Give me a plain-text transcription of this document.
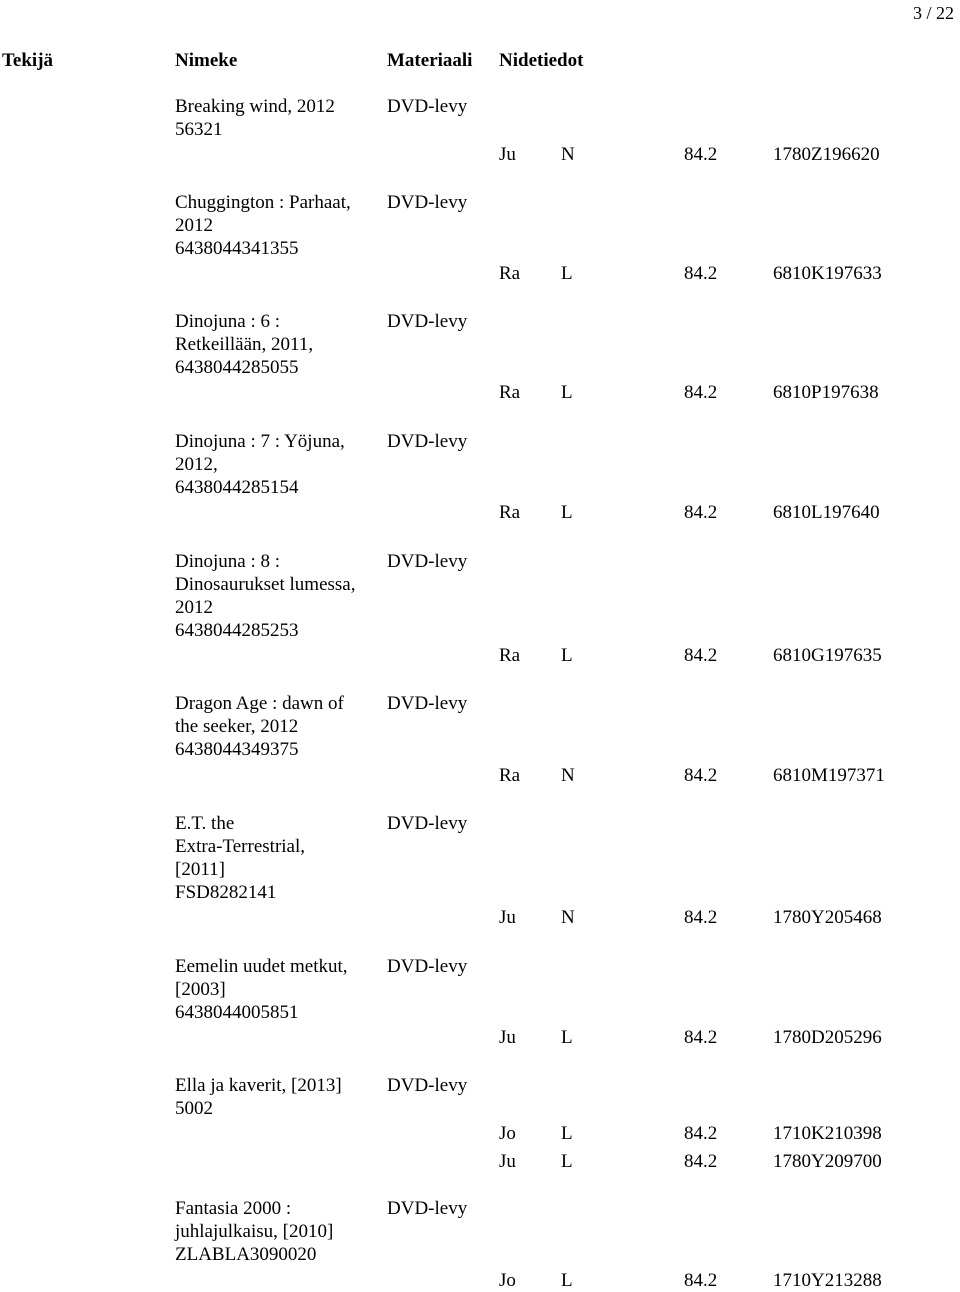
3 / 22
Tekijä	Nimeke	Materiaali Nidetiedot
Breaking wind, 2012
56321
DVD-levy
Ju N	84.2	1780Z196620
Chuggington : Parhaat,
2012
6438044341355
DVD-levy
Ra L	84.2	6810K197633
Dinojuna : 6 :
Retkeillään, 2011,
6438044285055
DVD-levy
Ra L	84.2	6810P197638
Dinojuna : 7 : Yöjuna,
2012,
6438044285154
DVD-levy
Ra L	84.2	6810L197640
Dinojuna : 8 :
Dinosaurukset lumessa,
2012
6438044285253
DVD-levy
Ra L	84.2	6810G197635
Dragon Age : dawn of
the seeker, 2012
6438044349375
DVD-levy
Ra N	84.2	6810M197371
E.T. the
Extra-Terrestrial,
[2011]
FSD8282141
DVD-levy
Ju N	84.2	1780Y205468
Eemelin uudet metkut,
[2003]
6438044005851
DVD-levy
Ju L	84.2	1780D205296
Ella ja kaverit, [2013]
5002
DVD-levy
Jo L	84.2	1710K210398
Ju L	84.2	1780Y209700
Fantasia 2000 :
juhlajulkaisu, [2010]
ZLABLA3090020
DVD-levy
Jo L	84.2	1710Y213288
